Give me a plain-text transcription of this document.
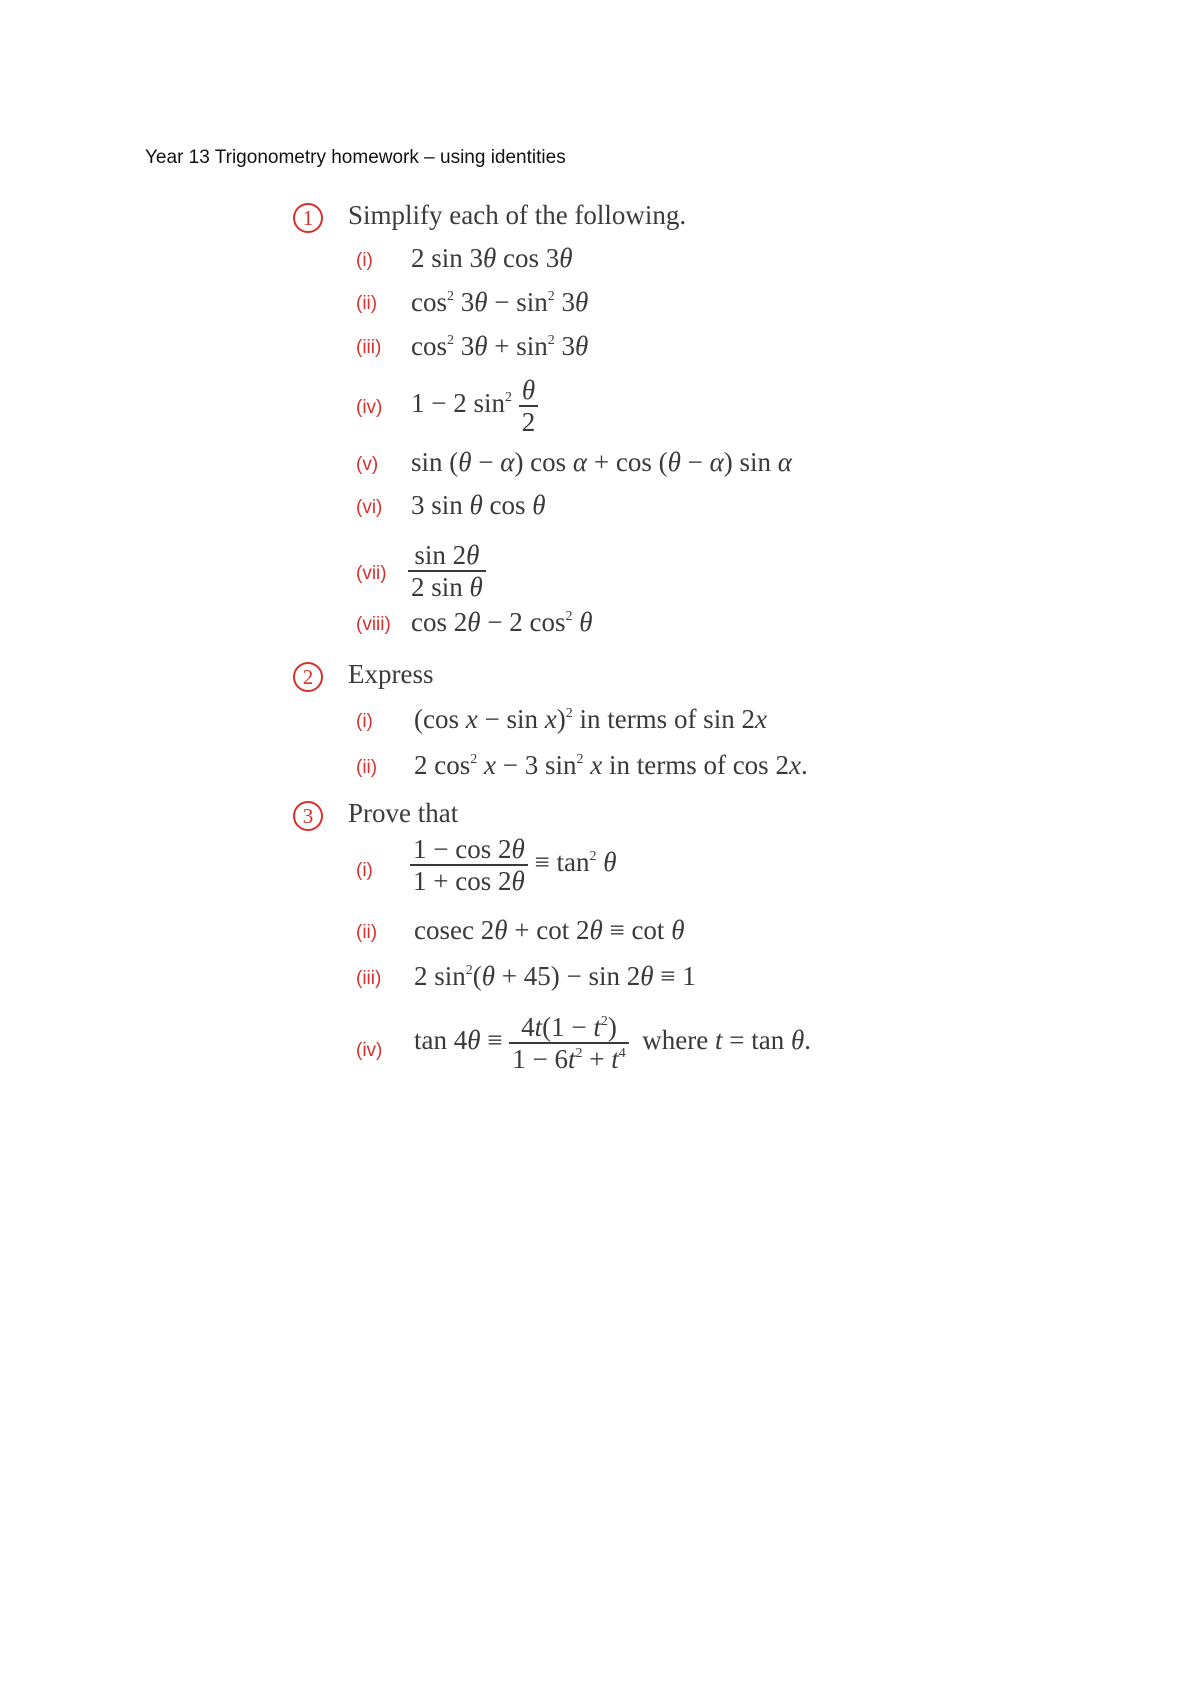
Year 13 Trigonometry homework – using identities
1	Simplify each of the following.
(i) 2 sin 3θ cos 3θ
(ii) $\cos^2 3\theta - \sin^2 3\theta$
(iii) $\cos^2 3\theta + \sin^2 3\theta$
(iv) 1 − 2 $\sin^2 \frac{\theta}{2}$
(v) sin (θ − α) cos α + cos (θ − α) sin α
(vi) 3 sin θ cos θ
$(vii) \frac{\sin 2\theta}{\text{2 sin θ}}$
(viii) cos 2θ − 2 $\cos^2 \theta$
2	Express
(i) (cos x − sin x)$^2$ in terms of sin 2x
(ii) 2 $\cos^2 x - 3$ $\sin^2 x$ in terms of cos 2x.
3	Prove that
$(i) \frac{1 - \cos 2\theta}{1 + \cos 2\theta} \equiv \tan^2 \theta$
(ii) cosec 2θ + cot 2θ ≡ cot θ
(iii) 2 $\sin^2(\theta + 45) - \sin 2\theta \equiv 1$
(iv) $\tan 4\theta \equiv \frac{4t(1 - t^2)}{1 - 6t^2 + t^4}$ where t = tan θ.
